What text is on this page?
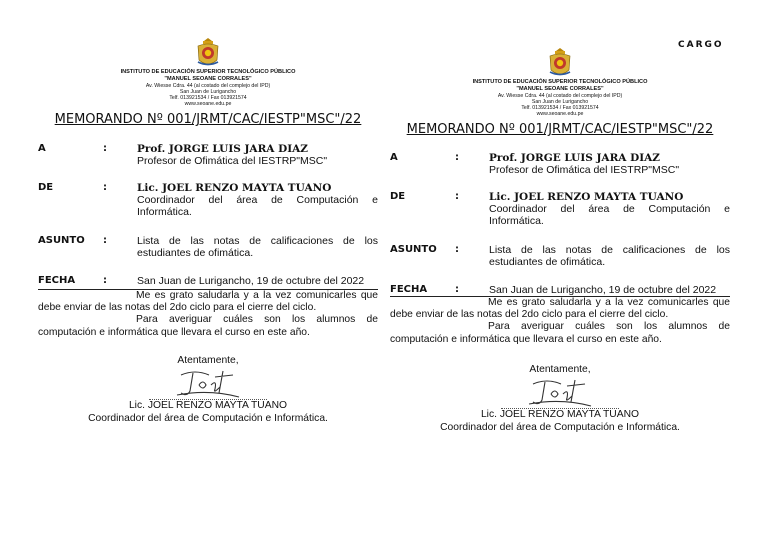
CARGO
INSTITUTO DE EDUCACIÓN SUPERIOR TECNOLÓGICO PÚBLICO
"MANUEL SEOANE CORRALES"
Av. Wiesse Cdra. 44 (al costado del complejo del IPD)
San Juan de Lurigancho
Telf. 013921534 / Fax 013921574
www.seoane.edu.pe
MEMORANDO Nº 001/JRMT/CAC/IESTP"MSC"/22
A	:	Prof. JORGE LUIS JARA DIAZ
Profesor de Ofimática del IESTRP"MSC"
DE	:	Lic. JOEL RENZO MAYTA TUANO
Coordinador del área de Computación e Informática.
ASUNTO :	Lista de las notas de calificaciones de los estudiantes de ofimática.
FECHA	:	San Juan de Lurigancho, 19 de octubre del 2022

Me es grato saludarla y a la vez comunicarles que debe enviar de las notas del 2do ciclo para el cierre del ciclo.

Para averiguar cuáles son los alumnos de computación e informática que llevara el curso en este año.

Atentamente,
Joel
Lic. JOEL RENZO MAYTA TUANO
Coordinador del área de Computación e Informática.
INSTITUTO DE EDUCACIÓN SUPERIOR TECNOLÓGICO PÚBLICO
"MANUEL SEOANE CORRALES"
Av. Wiesse Cdra. 44 (al costado del complejo del IPD)
San Juan de Lurigancho
Telf. 013921534 / Fax 013921574
www.seoane.edu.pe
MEMORANDO Nº 001/JRMT/CAC/IESTP"MSC"/22
A	:	Prof. JORGE LUIS JARA DIAZ
Profesor de Ofimática del IESTRP"MSC"
DE	:	Lic. JOEL RENZO MAYTA TUANO
Coordinador del área de Computación e Informática.
ASUNTO :	Lista de las notas de calificaciones de los estudiantes de ofimática.
FECHA	:	San Juan de Lurigancho, 19 de octubre del 2022

Me es grato saludarla y a la vez comunicarles que debe enviar de las notas del 2do ciclo para el cierre del ciclo.

Para averiguar cuáles son los alumnos de computación e informática que llevara el curso en este año.

Atentamente,
Joel
Lic. JOEL RENZO MAYTA TUANO
Coordinador del área de Computación e Informática.
